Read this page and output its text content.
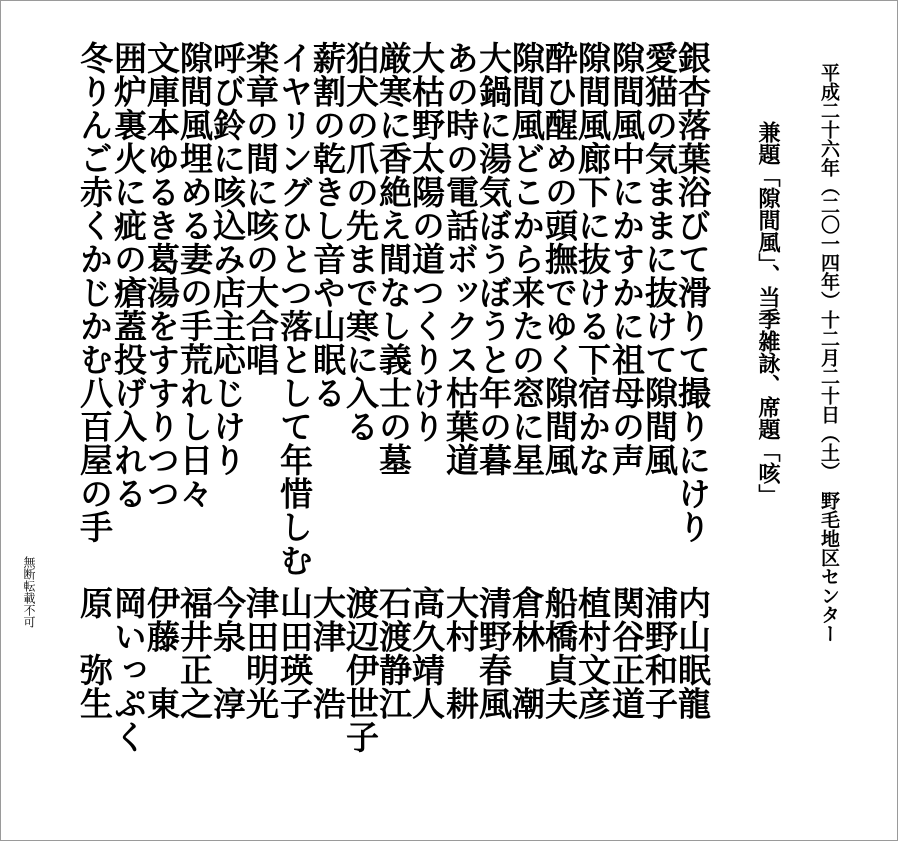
平成二十六年（二〇一四年）十二月二十日（土）
野毛地区センター
兼題「隙間風」、当季雑詠、席題「咳」
銀杏落葉浴びて滑りて撮りにけり
内山眠龍
愛猫の気ままに抜けて隙間風
浦野和子
隙間風中にかすかに祖母の声
関谷正道
隙間風廊下に抜ける下宿かな
植村文彦
酔ひ醒めの頭撫でゆく隙間風
船橋貞夫
隙間風どこから来たの窓に星
倉林　潮
大鍋に湯気ぼうぼうと年の暮
清野春風
あの時の電話ボックス枯葉道
大村　耕
大枯野太陽の道つくりけり
高久靖人
厳寒に香絶え間なし義士の墓
石渡静江
狛犬の爪の先まで寒に入る
渡辺伊世子
薪割の乾きし音や山眠る
大津　浩
イヤリングひとつ落として年惜しむ
山田瑛子
楽章の間に咳の大合唱
津田明光
呼び鈴に咳込み店主応じけり
今泉　淳
隙間風埋める妻の手荒れし日々
福井正之
文庫本ゆるき葛湯をすすりつつ
伊藤　東
囲炉裏火に疵の瘡蓋投げ入れる
岡いっぷく
冬りんご赤くかじかむ八百屋の手
原　弥生
無断転載不可
